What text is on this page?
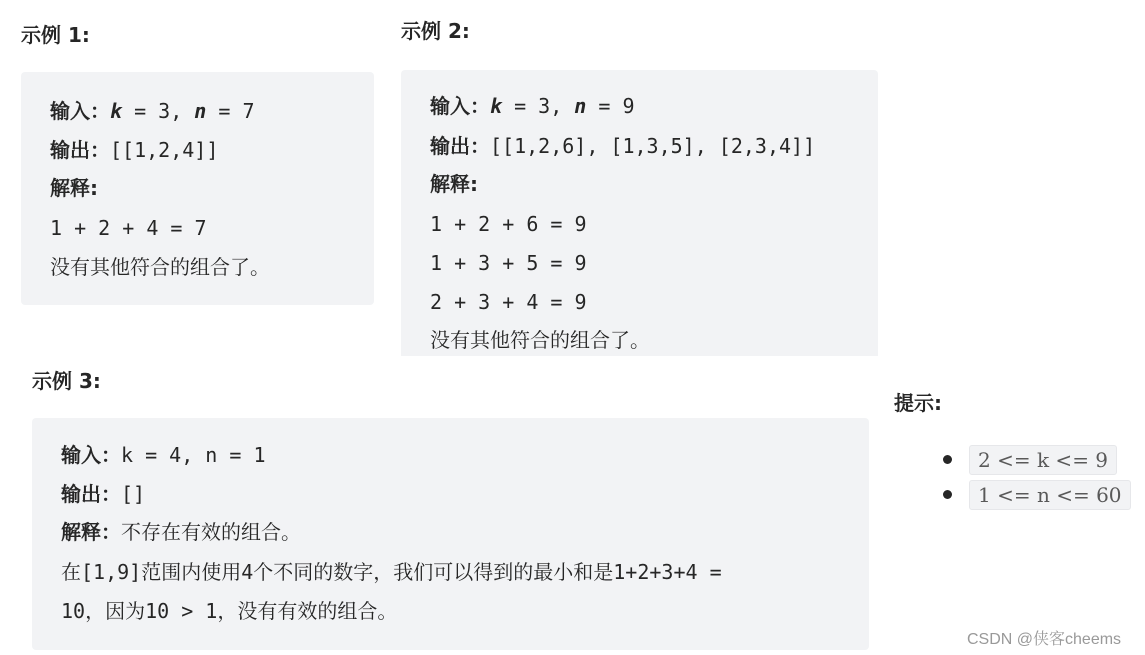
示例 1:
输入：k = 3, n = 7
输出：[[1,2,4]]
解释:
1 + 2 + 4 = 7
没有其他符合的组合了。
示例 2:
输入：k = 3, n = 9
输出：[[1,2,6], [1,3,5], [2,3,4]]
解释:
1 + 2 + 6 = 9
1 + 3 + 5 = 9
2 + 3 + 4 = 9
没有其他符合的组合了。
示例 3:
输入：k = 4, n = 1
输出：[]
解释：不存在有效的组合。
在[1,9]范围内使用4个不同的数字，我们可以得到的最小和是1+2+3+4 =
10，因为10 > 1，没有有效的组合。
提示:
2 <= k <= 9
1 <= n <= 60
CSDN @侠客cheems
